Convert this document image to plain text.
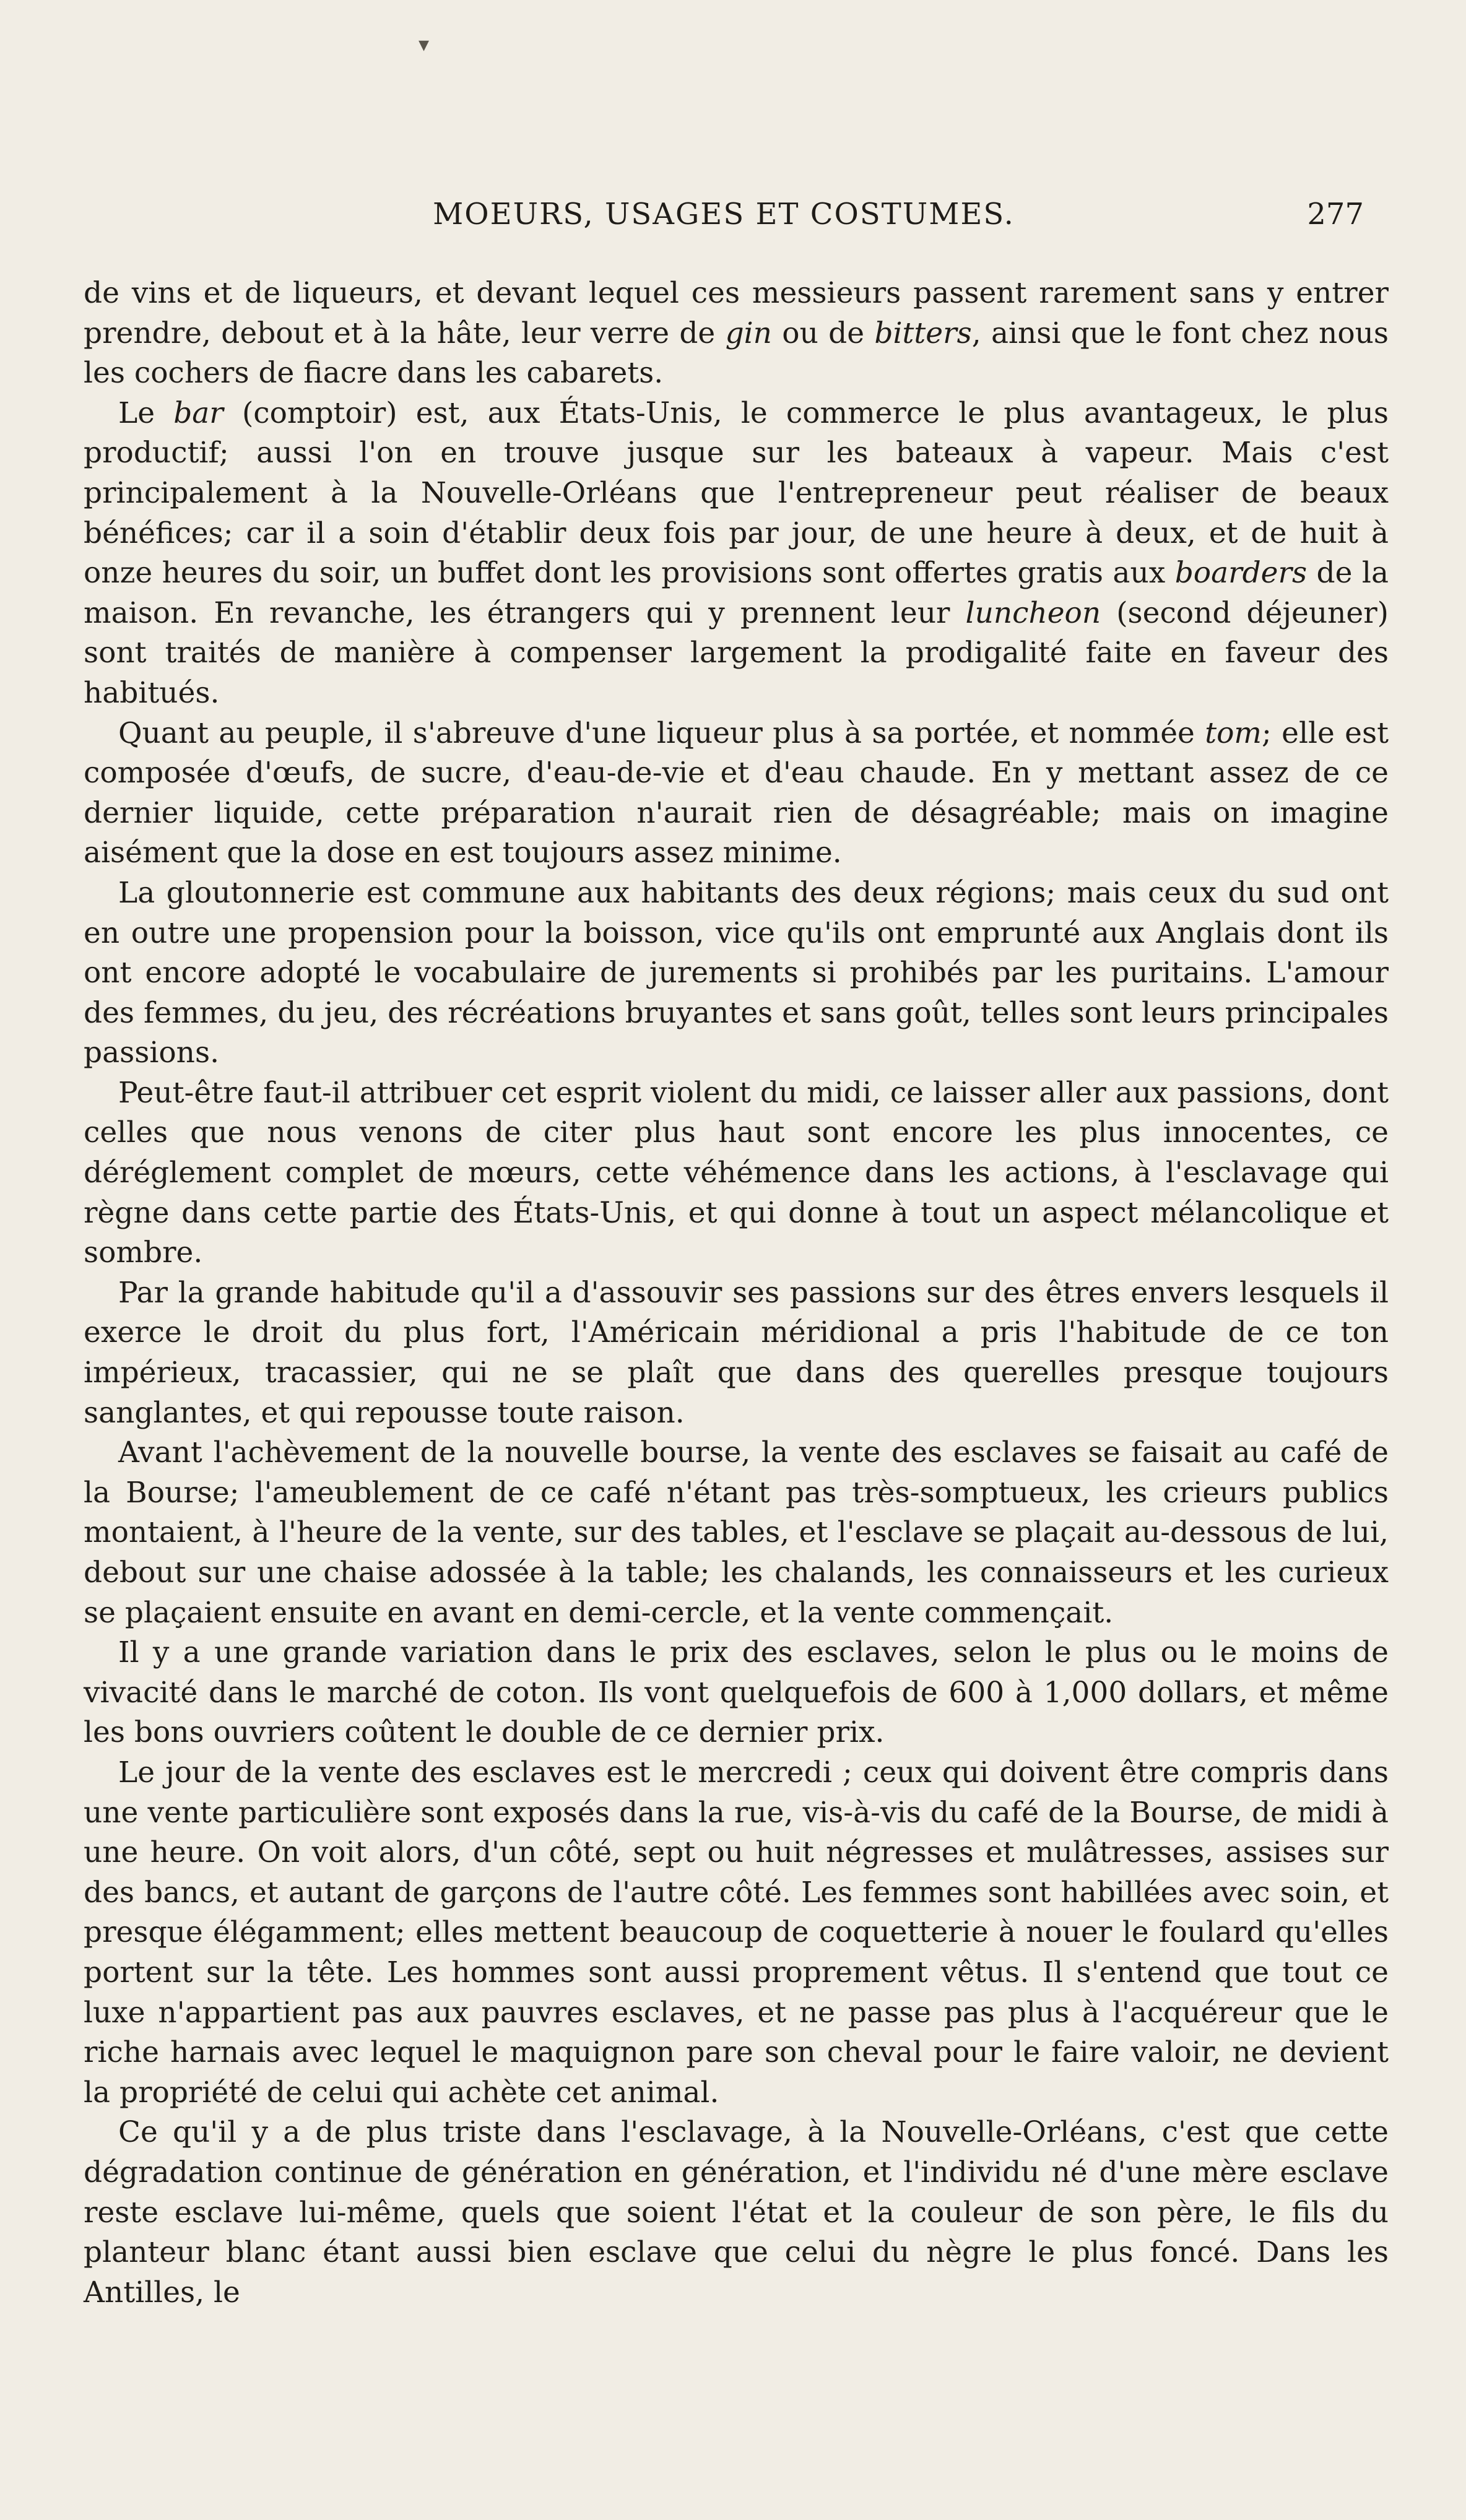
▾
MOEURS, USAGES ET COSTUMES.	277

de vins et de liqueurs, et devant lequel ces messieurs passent rarement sans y entrer prendre, debout et à la hâte, leur verre de gin ou de bitters, ainsi que le font chez nous les cochers de fiacre dans les cabarets.

Le bar (comptoir) est, aux États-Unis, le commerce le plus avantageux, le plus productif; aussi l'on en trouve jusque sur les bateaux à vapeur. Mais c'est principalement à la Nouvelle-Orléans que l'entrepreneur peut réaliser de beaux bénéfices; car il a soin d'établir deux fois par jour, de une heure à deux, et de huit à onze heures du soir, un buffet dont les provisions sont offertes gratis aux boarders de la maison. En revanche, les étrangers qui y prennent leur luncheon (second déjeuner) sont traités de manière à compenser largement la prodigalité faite en faveur des habitués.

Quant au peuple, il s'abreuve d'une liqueur plus à sa portée, et nommée tom; elle est composée d'œufs, de sucre, d'eau-de-vie et d'eau chaude. En y mettant assez de ce dernier liquide, cette préparation n'aurait rien de désagréable; mais on imagine aisément que la dose en est toujours assez minime.

La gloutonnerie est commune aux habitants des deux régions; mais ceux du sud ont en outre une propension pour la boisson, vice qu'ils ont emprunté aux Anglais dont ils ont encore adopté le vocabulaire de jurements si prohibés par les puritains. L'amour des femmes, du jeu, des récréations bruyantes et sans goût, telles sont leurs principales passions.

Peut-être faut-il attribuer cet esprit violent du midi, ce laisser aller aux passions, dont celles que nous venons de citer plus haut sont encore les plus innocentes, ce déréglement complet de mœurs, cette véhémence dans les actions, à l'esclavage qui règne dans cette partie des États-Unis, et qui donne à tout un aspect mélancolique et sombre.

Par la grande habitude qu'il a d'assouvir ses passions sur des êtres envers lesquels il exerce le droit du plus fort, l'Américain méridional a pris l'habitude de ce ton impérieux, tracassier, qui ne se plaît que dans des querelles presque toujours sanglantes, et qui repousse toute raison.

Avant l'achèvement de la nouvelle bourse, la vente des esclaves se faisait au café de la Bourse; l'ameublement de ce café n'étant pas très-somptueux, les crieurs publics montaient, à l'heure de la vente, sur des tables, et l'esclave se plaçait au-dessous de lui, debout sur une chaise adossée à la table; les chalands, les connaisseurs et les curieux se plaçaient ensuite en avant en demi-cercle, et la vente commençait.

Il y a une grande variation dans le prix des esclaves, selon le plus ou le moins de vivacité dans le marché de coton. Ils vont quelquefois de 600 à 1,000 dollars, et même les bons ouvriers coûtent le double de ce dernier prix.

Le jour de la vente des esclaves est le mercredi ; ceux qui doivent être compris dans une vente particulière sont exposés dans la rue, vis-à-vis du café de la Bourse, de midi à une heure. On voit alors, d'un côté, sept ou huit négresses et mulâtresses, assises sur des bancs, et autant de garçons de l'autre côté. Les femmes sont habillées avec soin, et presque élégamment; elles mettent beaucoup de coquetterie à nouer le foulard qu'elles portent sur la tête. Les hommes sont aussi proprement vêtus. Il s'entend que tout ce luxe n'appartient pas aux pauvres esclaves, et ne passe pas plus à l'acquéreur que le riche harnais avec lequel le maquignon pare son cheval pour le faire valoir, ne devient la propriété de celui qui achète cet animal.

Ce qu'il y a de plus triste dans l'esclavage, à la Nouvelle-Orléans, c'est que cette dégradation continue de génération en génération, et l'individu né d'une mère esclave reste esclave lui-même, quels que soient l'état et la couleur de son père, le fils du planteur blanc étant aussi bien esclave que celui du nègre le plus foncé. Dans les Antilles, le
